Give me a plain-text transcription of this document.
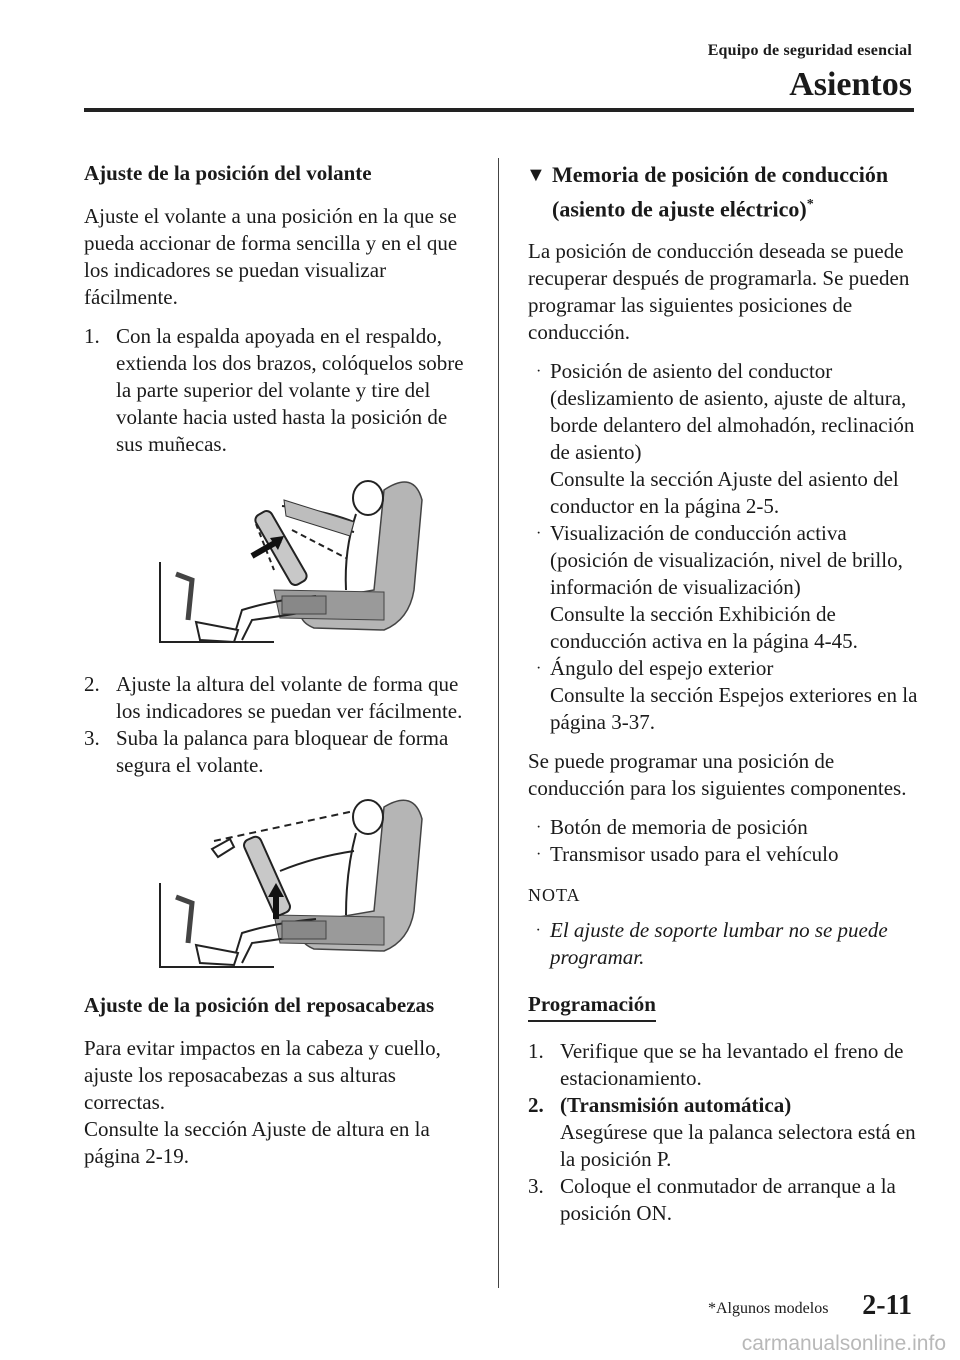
Equipo de seguridad esencial
Asientos
Ajuste de la posición del volante

Ajuste el volante a una posición en la que se pueda accionar de forma sencilla y en el que los indicadores se puedan visualizar fácilmente.

1. Con la espalda apoyada en el respaldo, extienda los dos brazos, colóquelos sobre la parte superior del volante y tire del volante hacia usted hasta la posición de sus muñecas.
2. Ajuste la altura del volante de forma que los indicadores se puedan ver fácilmente.
3. Suba la palanca para bloquear de forma segura el volante.
Ajuste de la posición del reposacabezas

Para evitar impactos en la cabeza y cuello, ajuste los reposacabezas a sus alturas correctas.

Consulte la sección Ajuste de altura en la página 2-19.

▼ Memoria de posición de conducción (asiento de ajuste eléctrico)*

La posición de conducción deseada se puede recuperar después de programarla. Se pueden programar las siguientes posiciones de conducción.

· Posición de asiento del conductor (deslizamiento de asiento, ajuste de altura, borde delantero del almohadón, reclinación de asiento)
Consulte la sección Ajuste del asiento del conductor en la página 2-5.
· Visualización de conducción activa (posición de visualización, nivel de brillo, información de visualización)
Consulte la sección Exhibición de conducción activa en la página 4-45.
· Ángulo del espejo exterior
Consulte la sección Espejos exteriores en la página 3-37.

Se puede programar una posición de conducción para los siguientes componentes.

· Botón de memoria de posición
· Transmisor usado para el vehículo
NOTA
· El ajuste de soporte lumbar no se puede programar.
Programación
1. Verifique que se ha levantado el freno de estacionamiento.
2. (Transmisión automática)
Asegúrese que la palanca selectora está en la posición P.
3. Coloque el conmutador de arranque a la posición ON.
*Algunos modelos 2-11
carmanualsonline.info
